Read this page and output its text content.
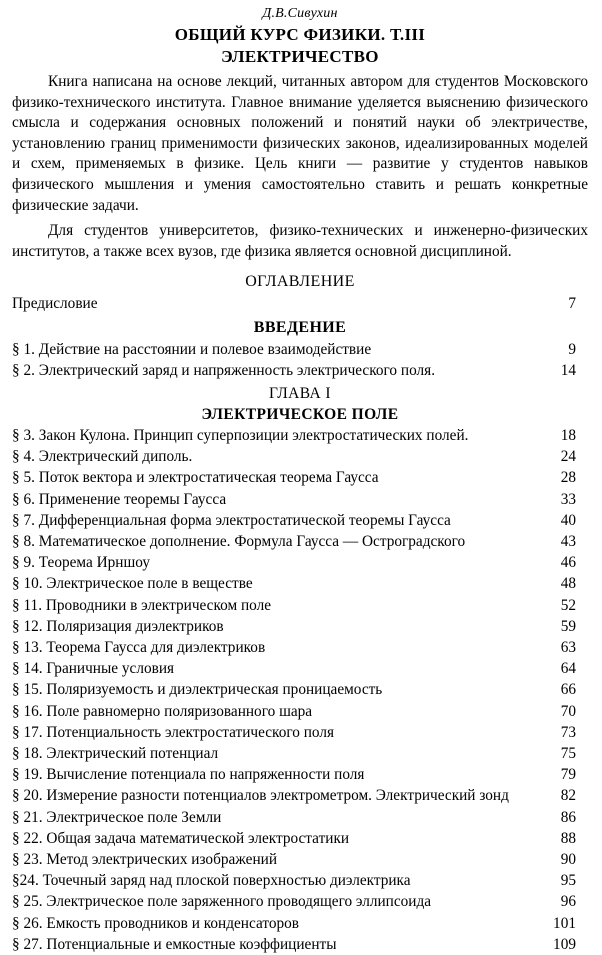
Д.В.Сивухин
ОБЩИЙ КУРС ФИЗИКИ. Т.III
ЭЛЕКТРИЧЕСТВО

Книга написана на основе лекций, читанных автором для студентов Московского физико-технического института. Главное внимание уделяется выяснению физического смысла и содержания основных положений и понятий науки об электричестве, установлению границ применимости физических законов, идеализированных моделей и схем, применяемых в физике. Цель книги — развитие у студентов навыков физического мышления и умения самостоятельно ставить и решать конкретные физические задачи.

Для студентов университетов, физико-технических и инженерно-физических институтов, а также всех вузов, где физика является основной дисциплиной.

ОГЛАВЛЕНИЕ
Предисловие	7
ВВЕДЕНИЕ
§ 1. Действие на расстоянии и полевое взаимодействие	9
§ 2. Электрический заряд и напряженность электрического поля.	14
ГЛАВА I
ЭЛЕКТРИЧЕСКОЕ ПОЛЕ
§ 3. Закон Кулона. Принцип суперпозиции электростатических полей.	18
§ 4. Электрический диполь.	24
§ 5. Поток вектора и электростатическая теорема Гаусса	28
§ 6. Применение теоремы Гаусса	33
§ 7. Дифференциальная форма электростатической теоремы Гаусса	40
§ 8. Математическое дополнение. Формула Гаусса — Остроградского	43
§ 9. Теорема Ирншоу	46
§ 10. Электрическое поле в веществе	48
§ 11. Проводники в электрическом поле	52
§ 12. Поляризация диэлектриков	59
§ 13. Теорема Гаусса для диэлектриков	63
§ 14. Граничные условия	64
§ 15. Поляризуемость и диэлектрическая проницаемость	66
§ 16. Поле равномерно поляризованного шара	70
§ 17. Потенциальность электростатического поля	73
§ 18. Электрический потенциал	75
§ 19. Вычисление потенциала по напряженности поля	79
§ 20. Измерение разности потенциалов электрометром. Электрический зонд	82
§ 21. Электрическое поле Земли	86
§ 22. Общая задача математической электростатики	88
§ 23. Метод электрических изображений	90
§24. Точечный заряд над плоской поверхностью диэлектрика	95
§ 25. Электрическое поле заряженного проводящего эллипсоида	96
§ 26. Емкость проводников и конденсаторов	101
§ 27. Потенциальные и емкостные коэффициенты	109
